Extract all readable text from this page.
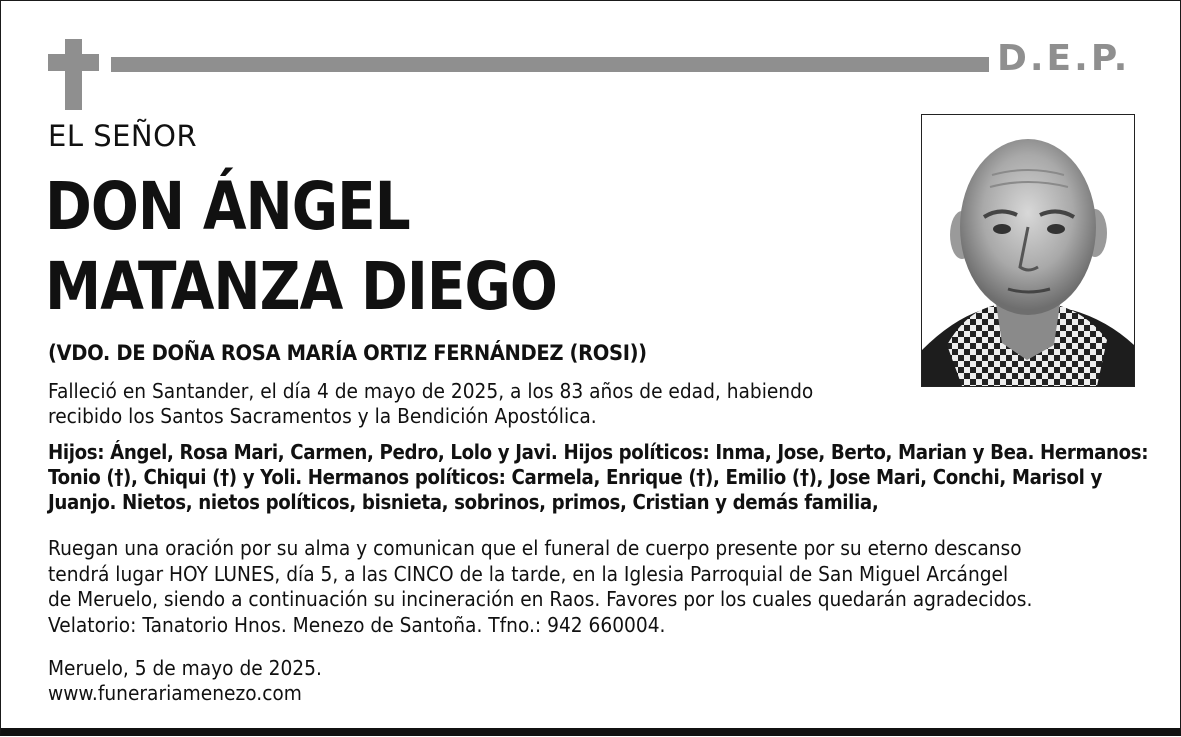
D.E.P.
EL SEÑOR
DON ÁNGEL
MATANZA DIEGO
(VDO. DE DOÑA ROSA MARÍA ORTIZ FERNÁNDEZ (ROSI))
Falleció en Santander, el día 4 de mayo de 2025, a los 83 años de edad, habiendo
recibido los Santos Sacramentos y la Bendición Apostólica.
Hijos: Ángel, Rosa Mari, Carmen, Pedro, Lolo y Javi. Hijos políticos: Inma, Jose, Berto, Marian y Bea. Hermanos:
Tonio (†), Chiqui (†) y Yoli. Hermanos políticos: Carmela, Enrique (†), Emilio (†), Jose Mari, Conchi, Marisol y
Juanjo. Nietos, nietos políticos, bisnieta, sobrinos, primos, Cristian y demás familia,
Ruegan una oración por su alma y comunican que el funeral de cuerpo presente por su eterno descanso
tendrá lugar HOY LUNES, día 5, a las CINCO de la tarde, en la Iglesia Parroquial de San Miguel Arcángel
de Meruelo, siendo a continuación su incineración en Raos. Favores por los cuales quedarán agradecidos.
Velatorio: Tanatorio Hnos. Menezo de Santoña. Tfno.: 942 660004.
Meruelo, 5 de mayo de 2025.
www.funerariamenezo.com
